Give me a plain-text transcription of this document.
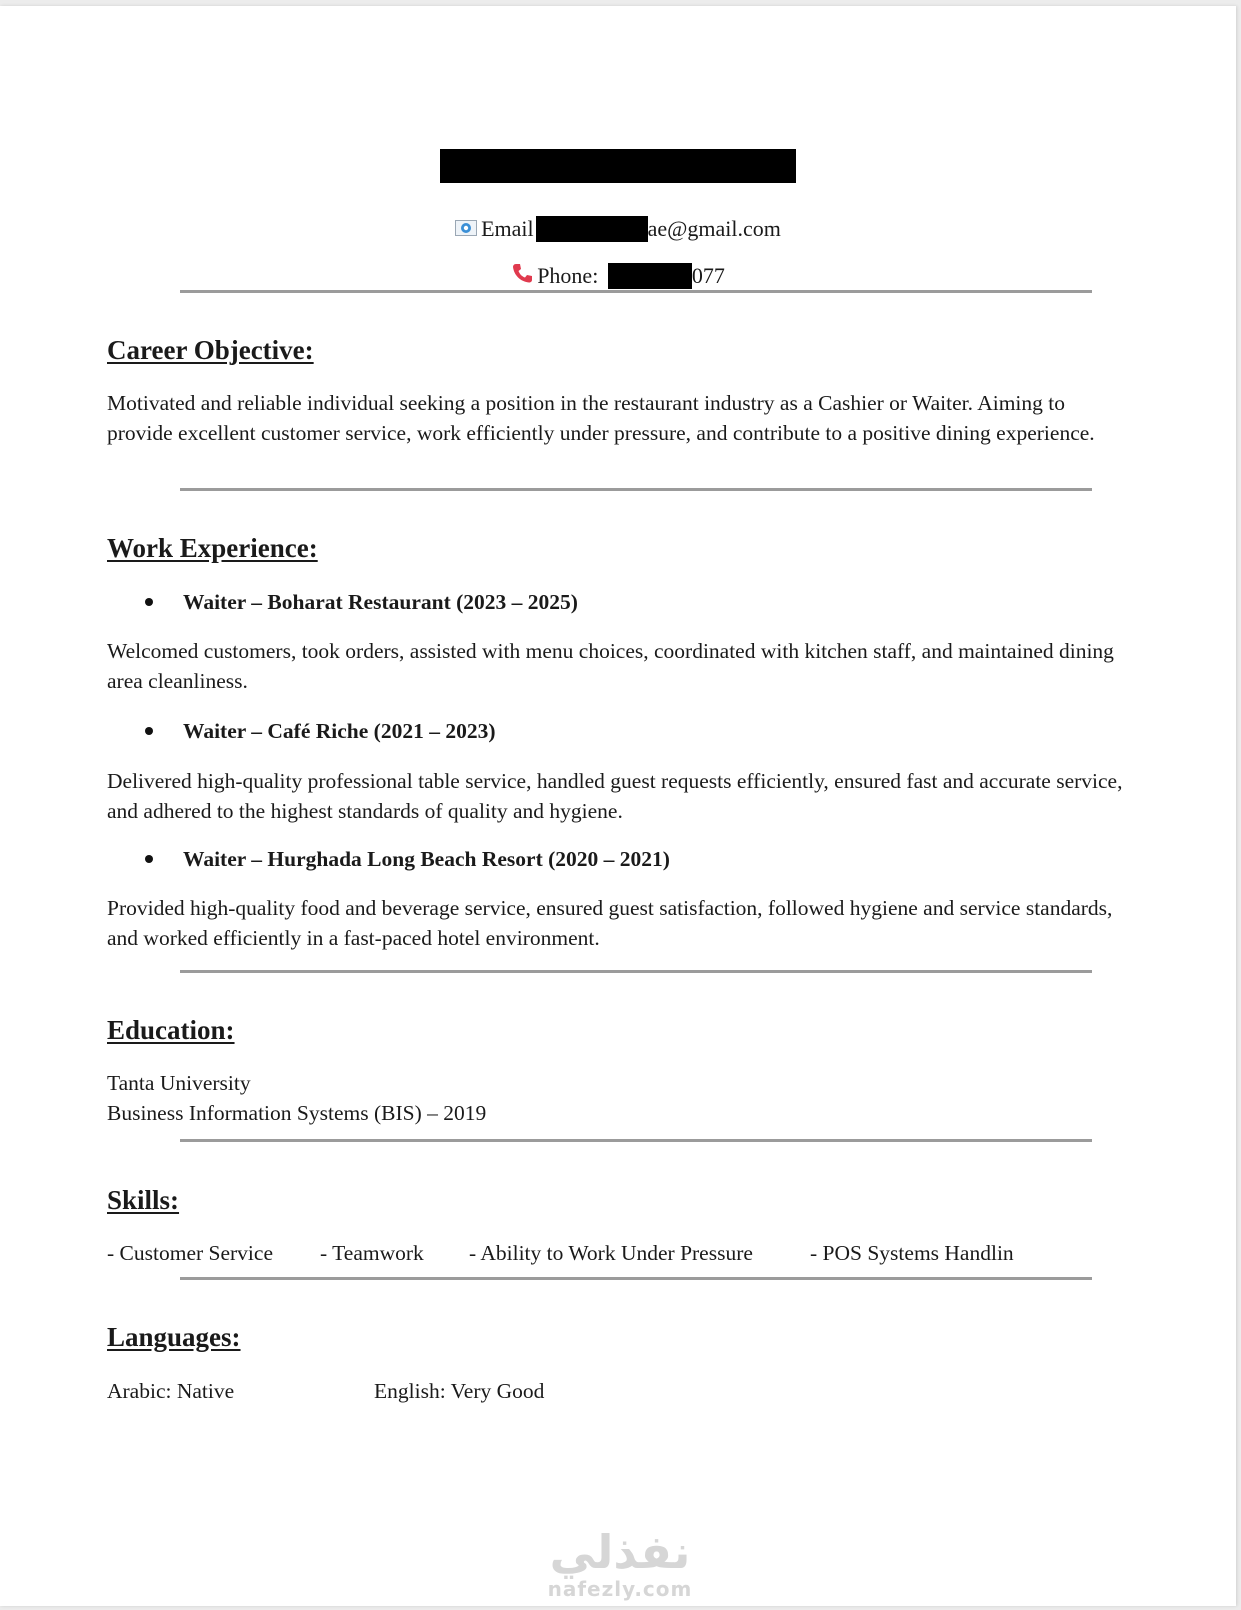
Email	ae@gmail.com
Phone:	077
Career Objective:

Motivated and reliable individual seeking a position in the restaurant industry as a Cashier or Waiter. Aiming to provide excellent customer service, work efficiently under pressure, and contribute to a positive dining experience.

Work Experience:
Waiter – Boharat Restaurant (2023 – 2025)

Welcomed customers, took orders, assisted with menu choices, coordinated with kitchen staff, and maintained dining area cleanliness.

Waiter – Café Riche (2021 – 2023)

Delivered high-quality professional table service, handled guest requests efficiently, ensured fast and accurate service, and adhered to the highest standards of quality and hygiene.

Waiter – Hurghada Long Beach Resort (2020 – 2021)

Provided high-quality food and beverage service, ensured guest satisfaction, followed hygiene and service standards, and worked efficiently in a fast-paced hotel environment.

Education:

Tanta University

Business Information Systems (BIS) – 2019

Skills:
- Customer Service - Teamwork - Ability to Work Under Pressure	- POS Systems Handlin
Languages:
Arabic: Native	English: Very Good
نفذلي
nafezly.com
